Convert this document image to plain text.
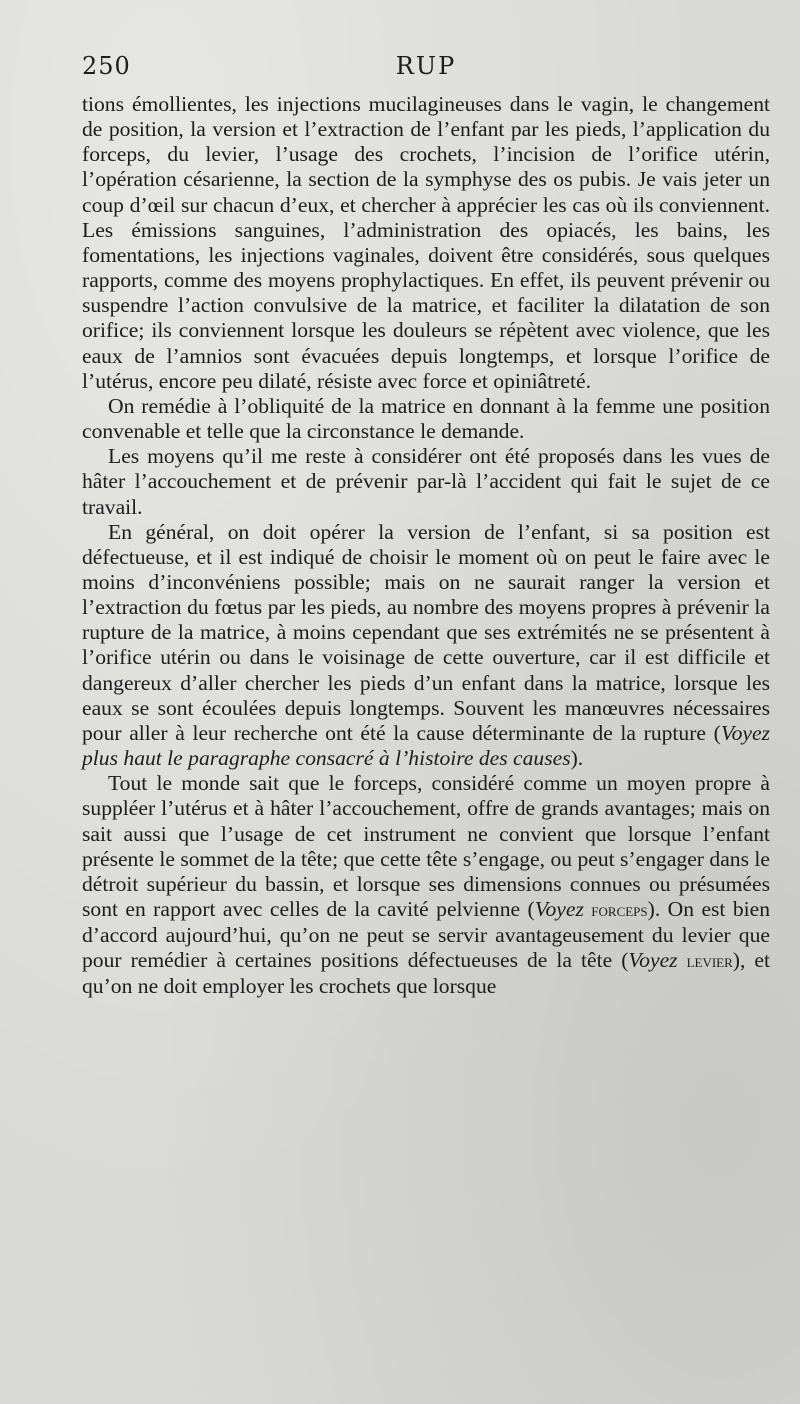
250	RUP

tions émollientes, les injections mucilagineuses dans le vagin, le changement de position, la version et l’extraction de l’enfant par les pieds, l’application du forceps, du levier, l’usage des crochets, l’incision de l’orifice utérin, l’opération césarienne, la section de la symphyse des os pubis. Je vais jeter un coup d’œil sur chacun d’eux, et chercher à apprécier les cas où ils conviennent. Les émissions sanguines, l’administration des opiacés, les bains, les fomentations, les injections vaginales, doivent être considérés, sous quelques rapports, comme des moyens prophylactiques. En effet, ils peuvent prévenir ou suspendre l’action convulsive de la matrice, et faciliter la dilatation de son orifice; ils conviennent lorsque les douleurs se répètent avec violence, que les eaux de l’amnios sont évacuées depuis longtemps, et lorsque l’orifice de l’utérus, encore peu dilaté, résiste avec force et opiniâtreté.

On remédie à l’obliquité de la matrice en donnant à la femme une position convenable et telle que la circonstance le demande.

Les moyens qu’il me reste à considérer ont été proposés dans les vues de hâter l’accouchement et de prévenir par-là l’accident qui fait le sujet de ce travail.

En général, on doit opérer la version de l’enfant, si sa position est défectueuse, et il est indiqué de choisir le moment où on peut le faire avec le moins d’inconvéniens possible; mais on ne saurait ranger la version et l’extraction du fœtus par les pieds, au nombre des moyens propres à prévenir la rupture de la matrice, à moins cependant que ses extrémités ne se présentent à l’orifice utérin ou dans le voisinage de cette ouverture, car il est difficile et dangereux d’aller chercher les pieds d’un enfant dans la matrice, lorsque les eaux se sont écoulées depuis longtemps. Souvent les manœuvres nécessaires pour aller à leur recherche ont été la cause déterminante de la rupture (Voyez plus haut le paragraphe consacré à l’histoire des causes).

Tout le monde sait que le forceps, considéré comme un moyen propre à suppléer l’utérus et à hâter l’accouchement, offre de grands avantages; mais on sait aussi que l’usage de cet instrument ne convient que lorsque l’enfant présente le sommet de la tête; que cette tête s’engage, ou peut s’engager dans le détroit supérieur du bassin, et lorsque ses dimensions connues ou présumées sont en rapport avec celles de la cavité pelvienne (Voyez forceps). On est bien d’accord aujourd’hui, qu’on ne peut se servir avantageusement du levier que pour remédier à certaines positions défectueuses de la tête (Voyez levier), et qu’on ne doit employer les crochets que lorsque
